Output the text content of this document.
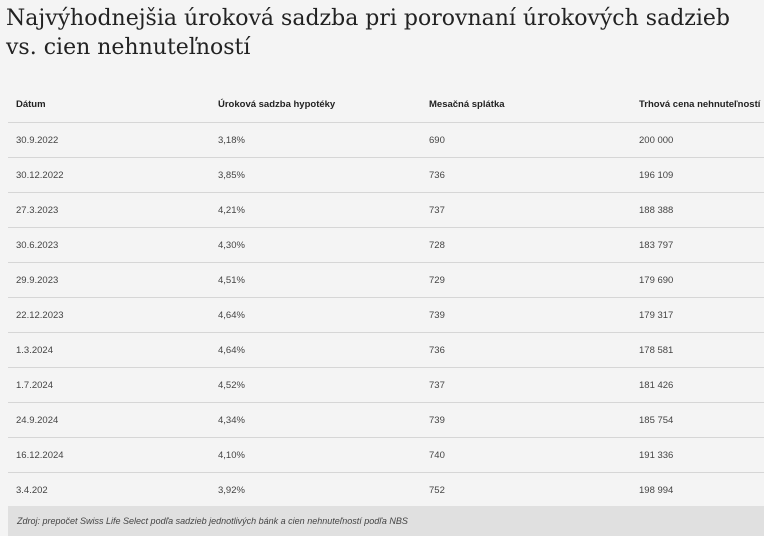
Najvýhodnejšia úroková sadzba pri porovnaní úrokových sadzieb vs. cien nehnuteľností
Dátum	Úroková sadzba hypotéky	Mesačná splátka	Trhová cena nehnuteľností
30.9.2022	3,18%	690	200 000
30.12.2022	3,85%	736	196 109
27.3.2023	4,21%	737	188 388
30.6.2023	4,30%	728	183 797
29.9.2023	4,51%	729	179 690
22.12.2023	4,64%	739	179 317
1.3.2024	4,64%	736	178 581
1.7.2024	4,52%	737	181 426
24.9.2024	4,34%	739	185 754
16.12.2024	4,10%	740	191 336
3.4.202	3,92%	752	198 994
Zdroj: prepočet Swiss Life Select podľa sadzieb jednotlivých bánk a cien nehnuteľností podľa NBS
